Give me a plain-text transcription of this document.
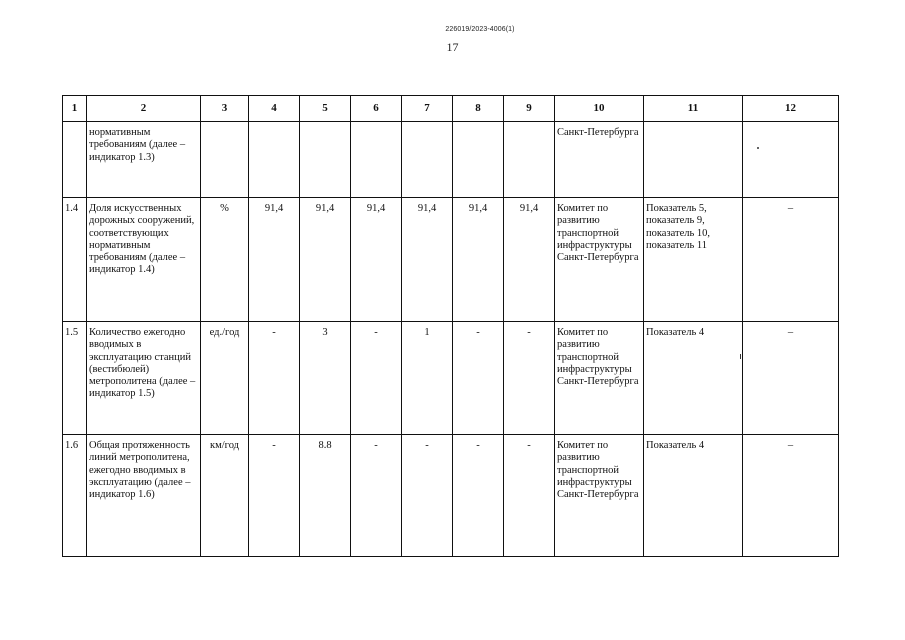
226019/2023-4006(1)
17
1	2	3	4	5	6	7	8	9	10	11	12
	нормативным требованиям (далее – индикатор 1.3)								Санкт-Петербурга		
1.4	Доля искусственных дорожных сооружений, соответствующих нормативным требованиям (далее – индикатор 1.4)	%	91,4	91,4	91,4	91,4	91,4	91,4	Комитет по развитию транспортной инфраструктуры Санкт-Петербурга	Показатель 5, показатель 9, показатель 10, показатель 11	–
1.5	Количество ежегодно вводимых в эксплуатацию станций (вестибюлей) метрополитена (далее – индикатор 1.5)	ед./год	-	3	-	1	-	-	Комитет по развитию транспортной инфраструктуры Санкт-Петербурга	Показатель 4	–
1.6	Общая протяженность линий метрополитена, ежегодно вводимых в эксплуатацию (далее – индикатор 1.6)	км/год	-	8.8	-	-	-	-	Комитет по развитию транспортной инфраструктуры Санкт-Петербурга	Показатель 4	–
